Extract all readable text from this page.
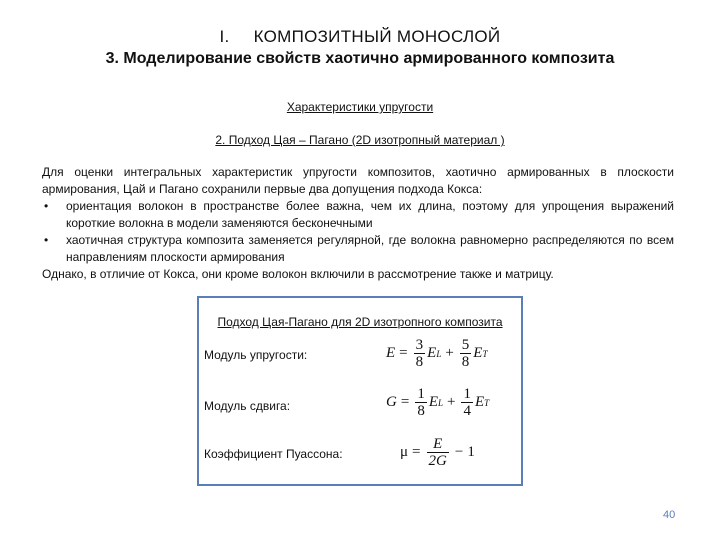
I. КОМПОЗИТНЫЙ МОНОСЛОЙ
3. Моделирование свойств хаотично армированного композита
Характеристики упругости
2. Подход Цая – Пагано (2D изотропный материал )

Для оценки интегральных характеристик упругости композитов, хаотично армированных в плоскости армирования, Цай и Пагано сохранили первые два допущения подхода Кокса:

• ориентация волокон в пространстве более важна, чем их длина, поэтому для упрощения выражений короткие волокна в модели заменяются бесконечными
• хаотичная структура композита заменяется регулярной, где волокна равномерно распределяются по всем направлениям плоскости армирования

Однако, в отличие от Кокса, они кроме волокон включили в рассмотрение также и матрицу.

Подход Цая-Пагано для 2D изотропного композита
Модуль упругости:	$E = \frac{3}{8}$ E $L + \frac{5}{8}$ E T
Модуль сдвига:	$G = \frac{1}{8}$ E $L + \frac{1}{4}$ E T
Коэффициент Пуассона:	$\mu = \frac{E}{2G} - 1$
40
